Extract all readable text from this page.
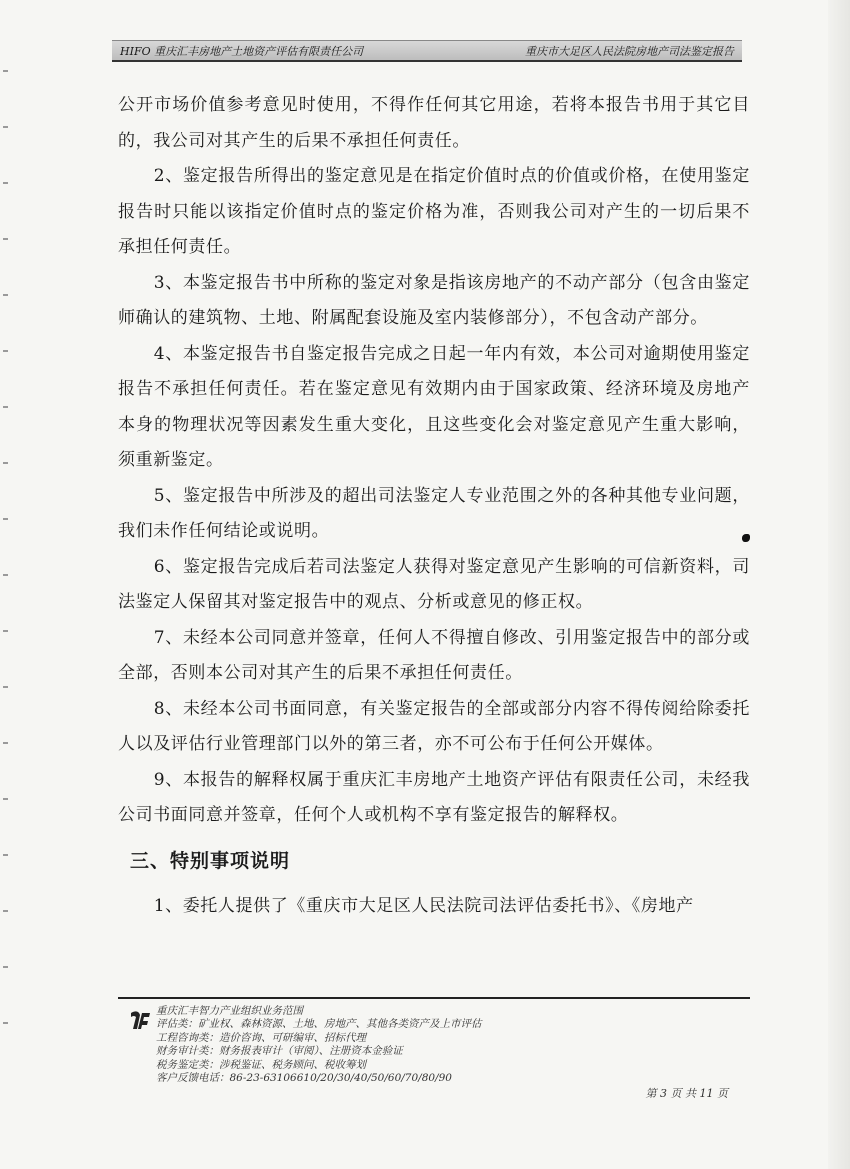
HIFO 重庆汇丰房地产土地资产评估有限责任公司	重庆市大足区人民法院房地产司法鉴定报告

公开市场价值参考意见时使用，不得作任何其它用途，若将本报告书用于其它目的，我公司对其产生的后果不承担任何责任。

2、鉴定报告所得出的鉴定意见是在指定价值时点的价值或价格，在使用鉴定报告时只能以该指定价值时点的鉴定价格为准，否则我公司对产生的一切后果不承担任何责任。

3、本鉴定报告书中所称的鉴定对象是指该房地产的不动产部分（包含由鉴定师确认的建筑物、土地、附属配套设施及室内装修部分），不包含动产部分。

4、本鉴定报告书自鉴定报告完成之日起一年内有效，本公司对逾期使用鉴定报告不承担任何责任。若在鉴定意见有效期内由于国家政策、经济环境及房地产本身的物理状况等因素发生重大变化，且这些变化会对鉴定意见产生重大影响，须重新鉴定。

5、鉴定报告中所涉及的超出司法鉴定人专业范围之外的各种其他专业问题，我们未作任何结论或说明。

6、鉴定报告完成后若司法鉴定人获得对鉴定意见产生影响的可信新资料，司法鉴定人保留其对鉴定报告中的观点、分析或意见的修正权。

7、未经本公司同意并签章，任何人不得擅自修改、引用鉴定报告中的部分或全部，否则本公司对其产生的后果不承担任何责任。

8、未经本公司书面同意，有关鉴定报告的全部或部分内容不得传阅给除委托人以及评估行业管理部门以外的第三者，亦不可公布于任何公开媒体。

9、本报告的解释权属于重庆汇丰房地产土地资产评估有限责任公司，未经我公司书面同意并签章，任何个人或机构不享有鉴定报告的解释权。

三、特别事项说明

1、委托人提供了《重庆市大足区人民法院司法评估委托书》、《房地产

重庆汇丰智力产业组织业务范围
评估类：矿业权、森林资源、土地、房地产、其他各类资产及上市评估
工程咨询类：造价咨询、可研编审、招标代理
财务审计类：财务报表审计（审阅）、注册资本金验证
税务鉴定类：涉税鉴证、税务顾问、税收筹划
客户反馈电话：86-23-63106610/20/30/40/50/60/70/80/90
第 3 页 共 11 页
